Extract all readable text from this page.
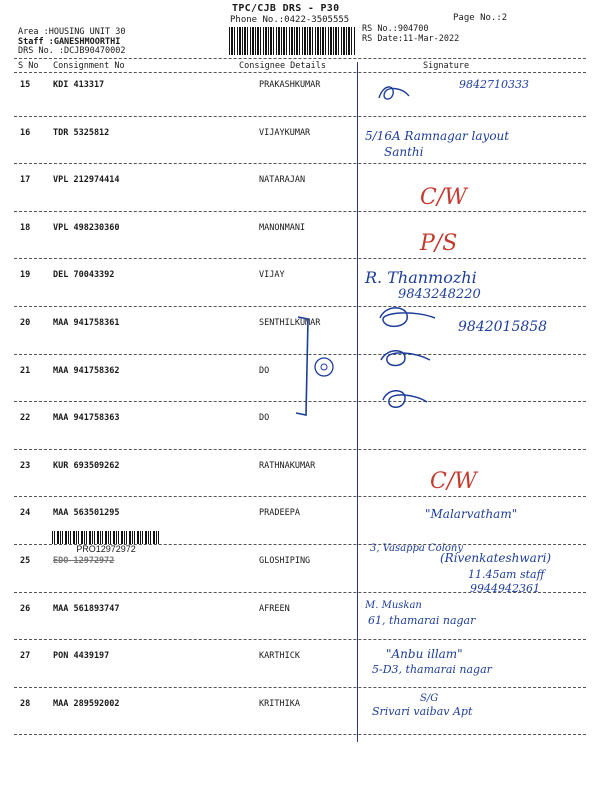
TPC/CJB DRS - P30
Phone No.:0422-3505555	Page No.:2
Area :HOUSING UNIT 30
Staff :GANESHMOORTHI
DRS No. :DCJB90470002
RS No.:904700
RS Date:11-Mar-2022
S No Consignment No	Consignee Details	Signature
15	KDI 413317	PRAKASHKUMAR	9842710333
16	TDR 5325812	VIJAYKUMAR	5/16A Ramnagar layout
Santhi
17	VPL 212974414	NATARAJAN
C/W
18	VPL 498230360	MANONMANI
P/S
19	DEL 70043392	VIJAY	R. Thanmozhi
9843248220
20	MAA 941758361	SENTHILKUMAR	9842015858
21	MAA 941758362	DO
22	MAA 941758363	DO
23	KUR 693509262	RATHNAKUMAR
C/W
24	MAA 563501295	PRADEEPA	"Malarvatham"
25	EDO 12972972	GLOSHIPING
3, Vasappa Colony
(Rivenkateshwari)
11.45am staff
9944942361
26	MAA 561893747	AFREEN	M. Muskan
61, thamarai nagar
27	PON 4439197	KARTHICK	"Anbu illam"
5-D3, thamarai nagar
28	MAA 289592002	KRITHIKA	S/G
Srivari vaibav Apt
PRO12972972
